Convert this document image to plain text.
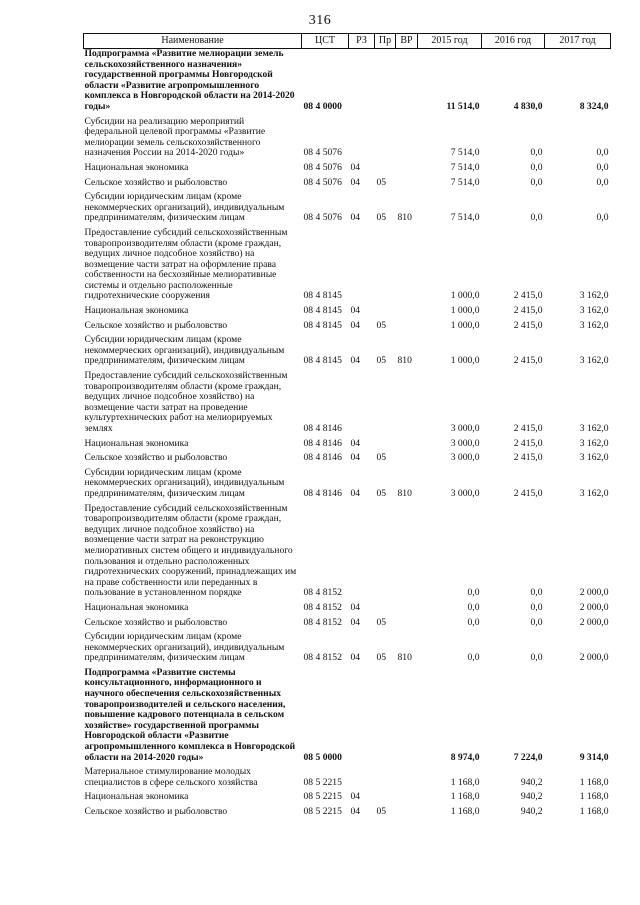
316
Наименование	ЦСТ	РЗ	Пр	ВР	2015 год	2016 год	2017 год
Подпрограмма «Развитие мелиорации земель сельскохозяйственного назначения» государственной программы Новгородской области «Развитие агропромышленного комплекса в Новгородской области на 2014-2020 годы»	08 4 0000				11 514,0	4 830,0	8 324,0
Субсидии на реализацию мероприятий федеральной целевой программы «Развитие мелиорации земель сельскохозяйственного назначения России на 2014-2020 годы»	08 4 5076				7 514,0	0,0	0,0
Национальная экономика	08 4 5076	04			7 514,0	0,0	0,0
Сельское хозяйство и рыболовство	08 4 5076	04	05		7 514,0	0,0	0,0
Субсидии юридическим лицам (кроме некоммерческих организаций), индивидуальным предпринимателям, физическим лицам	08 4 5076	04	05	810	7 514,0	0,0	0,0
Предоставление субсидий сельскохозяйственным товаропроизводителям области (кроме граждан, ведущих личное подсобное хозяйство) на возмещение части затрат на оформление права собственности на бесхозяйные мелиоративные системы и отдельно расположенные гидротехнические сооружения	08 4 8145				1 000,0	2 415,0	3 162,0
Национальная экономика	08 4 8145	04			1 000,0	2 415,0	3 162,0
Сельское хозяйство и рыболовство	08 4 8145	04	05		1 000,0	2 415,0	3 162,0
Субсидии юридическим лицам (кроме некоммерческих организаций), индивидуальным предпринимателям, физическим лицам	08 4 8145	04	05	810	1 000,0	2 415,0	3 162,0
Предоставление субсидий сельскохозяйственным товаропроизводителям области (кроме граждан, ведущих личное подсобное хозяйство) на возмещение части затрат на проведение культуртехнических работ на мелиорируемых землях	08 4 8146				3 000,0	2 415,0	3 162,0
Национальная экономика	08 4 8146	04			3 000,0	2 415,0	3 162,0
Сельское хозяйство и рыболовство	08 4 8146	04	05		3 000,0	2 415,0	3 162,0
Субсидии юридическим лицам (кроме некоммерческих организаций), индивидуальным предпринимателям, физическим лицам	08 4 8146	04	05	810	3 000,0	2 415,0	3 162,0
Предоставление субсидий сельскохозяйственным товаропроизводителям области (кроме граждан, ведущих личное подсобное хозяйство) на возмещение части затрат на реконструкцию мелиоративных систем общего и индивидуального пользования и отдельно расположенных гидротехнических сооружений, принадлежащих им на праве собственности или переданных в пользование в установленном порядке	08 4 8152				0,0	0,0	2 000,0
Национальная экономика	08 4 8152	04			0,0	0,0	2 000,0
Сельское хозяйство и рыболовство	08 4 8152	04	05		0,0	0,0	2 000,0
Субсидии юридическим лицам (кроме некоммерческих организаций), индивидуальным предпринимателям, физическим лицам	08 4 8152	04	05	810	0,0	0,0	2 000,0
Подпрограмма «Развитие системы консультационного, информационного и научного обеспечения сельскохозяйственных товаропроизводителей и сельского населения, повышение кадрового потенциала в сельском хозяйстве» государственной программы Новгородской области «Развитие агропромышленного комплекса в Новгородской области на 2014-2020 годы»	08 5 0000				8 974,0	7 224,0	9 314,0
Материальное стимулирование молодых специалистов в сфере сельского хозяйства	08 5 2215				1 168,0	940,2	1 168,0
Национальная экономика	08 5 2215	04			1 168,0	940,2	1 168,0
Сельское хозяйство и рыболовство	08 5 2215	04	05		1 168,0	940,2	1 168,0
